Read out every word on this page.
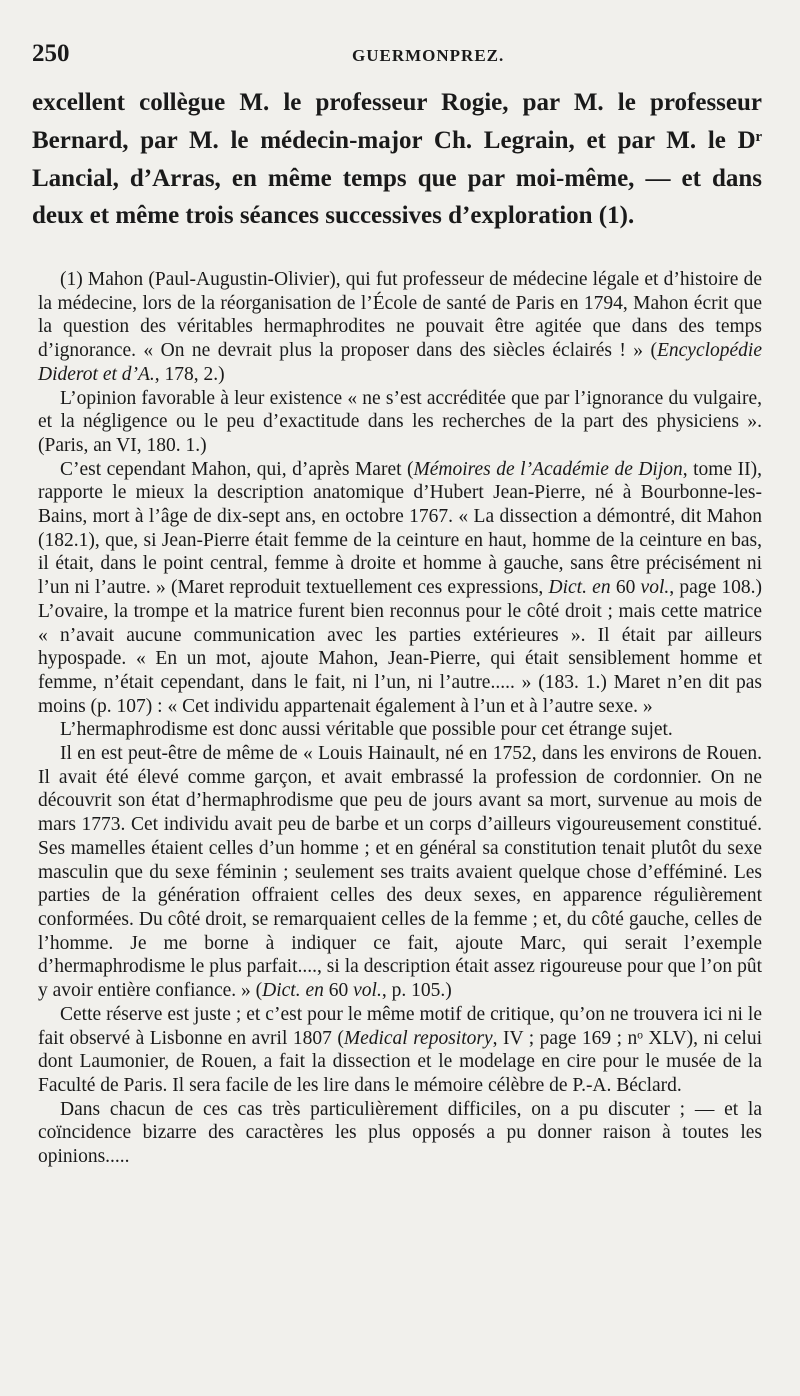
250	GUERMONPREZ.

excellent collègue M. le professeur Rogie, par M. le professeur Bernard, par M. le médecin-major Ch. Legrain, et par M. le Dʳ Lancial, d’Arras, en même temps que par moi-même, — et dans deux et même trois séances successives d’exploration (1).

(1) Mahon (Paul-Augustin-Olivier), qui fut professeur de médecine légale et d’histoire de la médecine, lors de la réorganisation de l’École de santé de Paris en 1794, Mahon écrit que la question des véritables hermaphrodites ne pouvait être agitée que dans des temps d’ignorance. « On ne devrait plus la proposer dans des siècles éclairés ! » (Encyclopédie Diderot et d’A., 178, 2.)

L’opinion favorable à leur existence « ne s’est accréditée que par l’ignorance du vulgaire, et la négligence ou le peu d’exactitude dans les recherches de la part des physiciens ». (Paris, an VI, 180. 1.)

C’est cependant Mahon, qui, d’après Maret (Mémoires de l’Académie de Dijon, tome II), rapporte le mieux la description anatomique d’Hubert Jean-Pierre, né à Bourbonne-les-Bains, mort à l’âge de dix-sept ans, en octobre 1767. « La dissection a démontré, dit Mahon (182.1), que, si Jean-Pierre était femme de la ceinture en haut, homme de la ceinture en bas, il était, dans le point central, femme à droite et homme à gauche, sans être précisément ni l’un ni l’autre. » (Maret reproduit textuellement ces expressions, Dict. en 60 vol., page 108.) L’ovaire, la trompe et la matrice furent bien reconnus pour le côté droit ; mais cette matrice « n’avait aucune communication avec les parties extérieures ». Il était par ailleurs hypospade. « En un mot, ajoute Mahon, Jean-Pierre, qui était sensiblement homme et femme, n’était cependant, dans le fait, ni l’un, ni l’autre..... » (183. 1.) Maret n’en dit pas moins (p. 107) : « Cet individu appartenait également à l’un et à l’autre sexe. »

L’hermaphrodisme est donc aussi véritable que possible pour cet étrange sujet.

Il en est peut-être de même de « Louis Hainault, né en 1752, dans les environs de Rouen. Il avait été élevé comme garçon, et avait embrassé la profession de cordonnier. On ne découvrit son état d’hermaphrodisme que peu de jours avant sa mort, survenue au mois de mars 1773. Cet individu avait peu de barbe et un corps d’ailleurs vigoureusement constitué. Ses mamelles étaient celles d’un homme ; et en général sa constitution tenait plutôt du sexe masculin que du sexe féminin ; seulement ses traits avaient quelque chose d’efféminé. Les parties de la génération offraient celles des deux sexes, en apparence régulièrement conformées. Du côté droit, se remarquaient celles de la femme ; et, du côté gauche, celles de l’homme. Je me borne à indiquer ce fait, ajoute Marc, qui serait l’exemple d’hermaphrodisme le plus parfait...., si la description était assez rigoureuse pour que l’on pût y avoir entière confiance. » (Dict. en 60 vol., p. 105.)

Cette réserve est juste ; et c’est pour le même motif de critique, qu’on ne trouvera ici ni le fait observé à Lisbonne en avril 1807 (Medical repository, IV ; page 169 ; nᵒ XLV), ni celui dont Laumonier, de Rouen, a fait la dissection et le modelage en cire pour le musée de la Faculté de Paris. Il sera facile de les lire dans le mémoire célèbre de P.-A. Béclard.

Dans chacun de ces cas très particulièrement difficiles, on a pu discuter ; — et la coïncidence bizarre des caractères les plus opposés a pu donner raison à toutes les opinions.....
